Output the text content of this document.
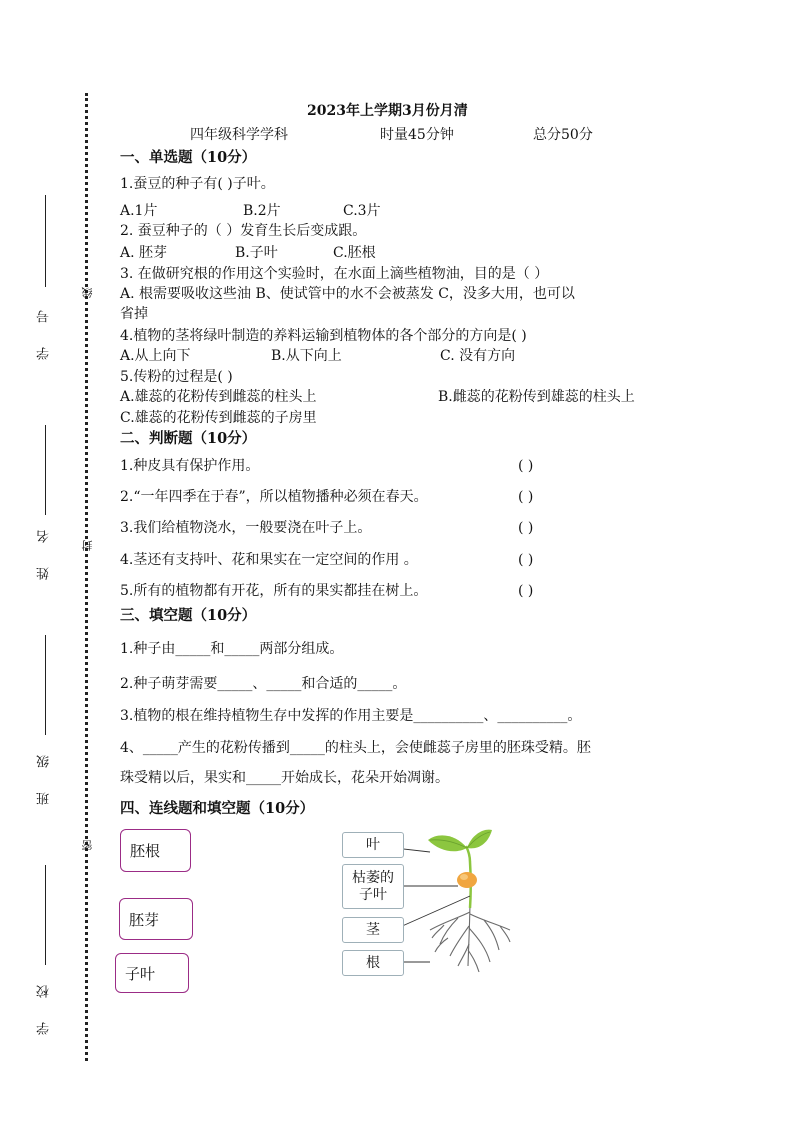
学 号
姓 名
班 级
学 校
线
封
密
2023年上学期3月份月清
四年级科学学科	时量45分钟	总分50分
一、单选题（10分）
1.蚕豆的种子有( )子叶。
A.1片	B.2片	C.3片
2. 蚕豆种子的（ ）发育生长后变成跟。
A. 胚芽	B.子叶	C.胚根
3. 在做研究根的作用这个实验时，在水面上滴些植物油，目的是（ ）
A. 根需要吸收这些油 B、使试管中的水不会被蒸发 C，没多大用，也可以
省掉
4.植物的茎将绿叶制造的养料运输到植物体的各个部分的方向是( )
A.从上向下	B.从下向上	C. 没有方向
5.传粉的过程是( )
A.雄蕊的花粉传到雌蕊的柱头上	B.雌蕊的花粉传到雄蕊的柱头上
C.雄蕊的花粉传到雌蕊的子房里
二、判断题（10分）
1.种皮具有保护作用。	( )
2.“一年四季在于春”，所以植物播种必须在春天。	( )
3.我们给植物浇水，一般要浇在叶子上。	( )
4.茎还有支持叶、花和果实在一定空间的作用 。	( )
5.所有的植物都有开花，所有的果实都挂在树上。	( )
三、填空题（10分）
1.种子由_____和_____两部分组成。
2.种子萌芽需要_____、_____和合适的_____。
3.植物的根在维持植物生存中发挥的作用主要是__________、__________。
4、_____产生的花粉传播到_____的柱头上，会使雌蕊子房里的胚珠受精。胚
珠受精以后，果实和_____开始成长，花朵开始凋谢。
四、连线题和填空题（10分）
胚根
胚芽
子叶
叶
枯萎的
子叶
茎
根
